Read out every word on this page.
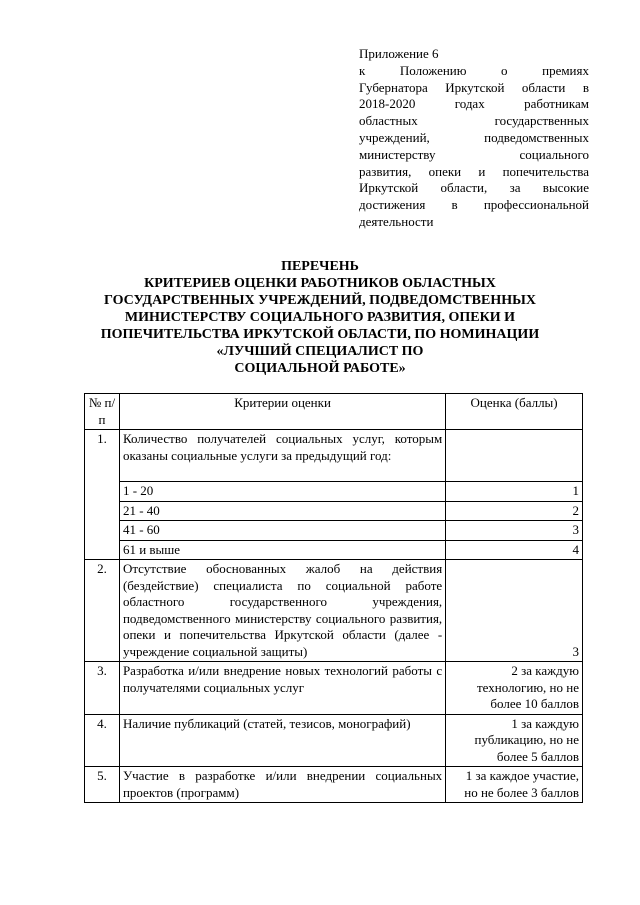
Приложение 6
к Положению о премиях
Губернатора Иркутской области в
2018-2020 годах работникам
областных государственных
учреждений, подведомственных
министерству социального
развития, опеки и попечительства
Иркутской области, за высокие
достижения в профессиональной
деятельности
ПЕРЕЧЕНЬ
КРИТЕРИЕВ ОЦЕНКИ РАБОТНИКОВ ОБЛАСТНЫХ
ГОСУДАРСТВЕННЫХ УЧРЕЖДЕНИЙ, ПОДВЕДОМСТВЕННЫХ
МИНИСТЕРСТВУ СОЦИАЛЬНОГО РАЗВИТИЯ, ОПЕКИ И
ПОПЕЧИТЕЛЬСТВА ИРКУТСКОЙ ОБЛАСТИ, ПО НОМИНАЦИИ
«ЛУЧШИЙ СПЕЦИАЛИСТ ПО
СОЦИАЛЬНОЙ РАБОТЕ»
№ п/п	Критерии оценки	Оценка (баллы)
1.	Количество получателей социальных услуг, которым оказаны социальные услуги за предыдущий год:	
	1 - 20	1
	21 - 40	2
	41 - 60	3
	61 и выше	4
2.	Отсутствие обоснованных жалоб на действия (бездействие) специалиста по социальной работе областного государственного учреждения, подведомственного министерству социального развития, опеки и попечительства Иркутской области (далее - учреждение социальной защиты)	3
3.	Разработка и/или внедрение новых технологий работы с получателями социальных услуг	2 за каждую технологию, но не более 10 баллов
4.	Наличие публикаций (статей, тезисов, монографий)	1 за каждую публикацию, но не более 5 баллов
5.	Участие в разработке и/или внедрении социальных проектов (программ)	1 за каждое участие, но не более 3 баллов
